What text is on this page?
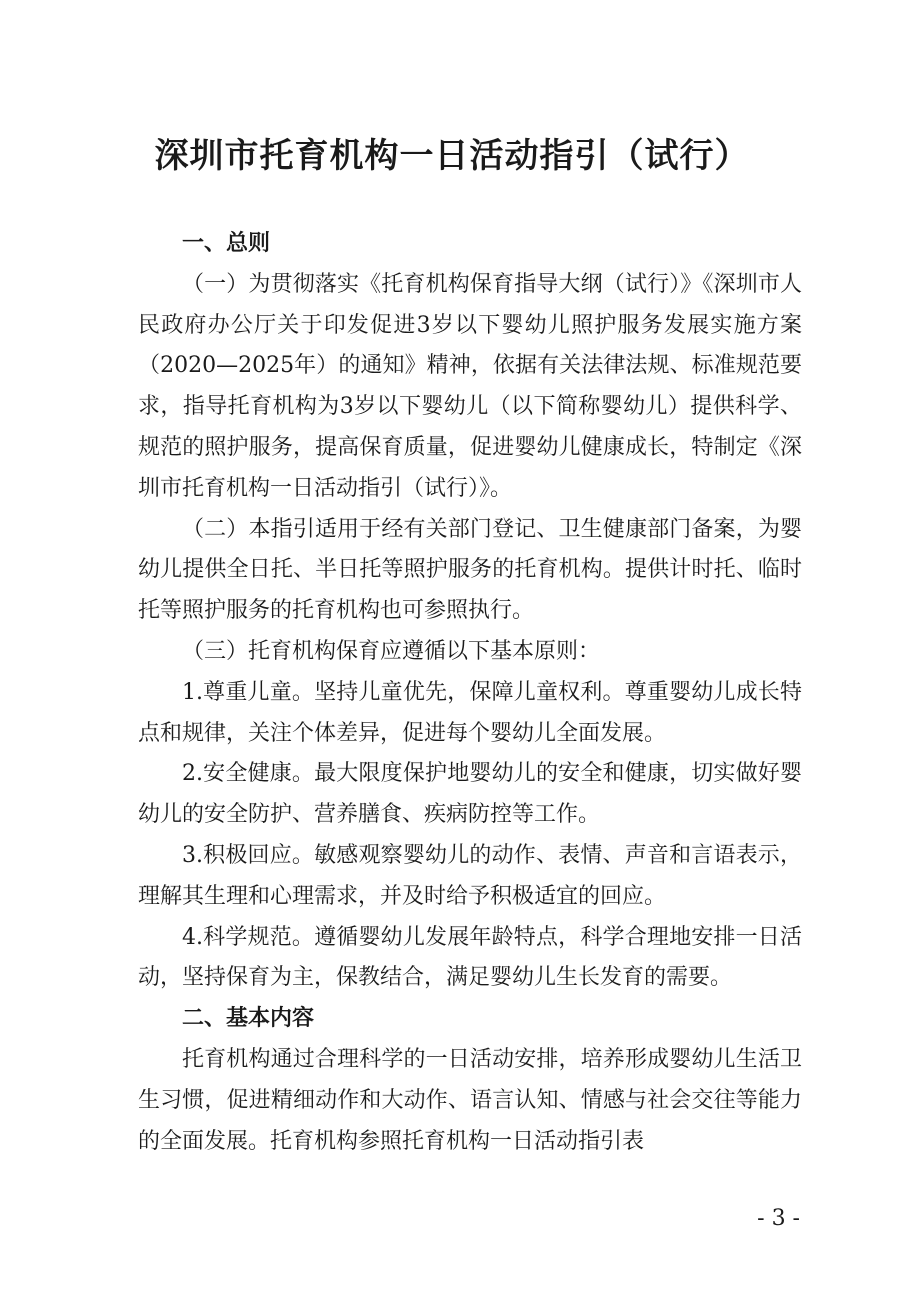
深圳市托育机构一日活动指引（试行）
一、总则

（一）为贯彻落实《托育机构保育指导大纲（试行）》《深圳市人民政府办公厅关于印发促进3岁以下婴幼儿照护服务发展实施方案（2020—2025年）的通知》精神，依据有关法律法规、标准规范要求，指导托育机构为3岁以下婴幼儿（以下简称婴幼儿）提供科学、规范的照护服务，提高保育质量，促进婴幼儿健康成长，特制定《深圳市托育机构一日活动指引（试行）》。

（二）本指引适用于经有关部门登记、卫生健康部门备案，为婴幼儿提供全日托、半日托等照护服务的托育机构。提供计时托、临时托等照护服务的托育机构也可参照执行。

（三）托育机构保育应遵循以下基本原则：

1.尊重儿童。坚持儿童优先，保障儿童权利。尊重婴幼儿成长特点和规律，关注个体差异，促进每个婴幼儿全面发展。

2.安全健康。最大限度保护地婴幼儿的安全和健康，切实做好婴幼儿的安全防护、营养膳食、疾病防控等工作。

3.积极回应。敏感观察婴幼儿的动作、表情、声音和言语表示，理解其生理和心理需求，并及时给予积极适宜的回应。

4.科学规范。遵循婴幼儿发展年龄特点，科学合理地安排一日活动，坚持保育为主，保教结合，满足婴幼儿生长发育的需要。

二、基本内容

托育机构通过合理科学的一日活动安排，培养形成婴幼儿生活卫生习惯，促进精细动作和大动作、语言认知、情感与社会交往等能力的全面发展。托育机构参照托育机构一日活动指引表

- 3 -
